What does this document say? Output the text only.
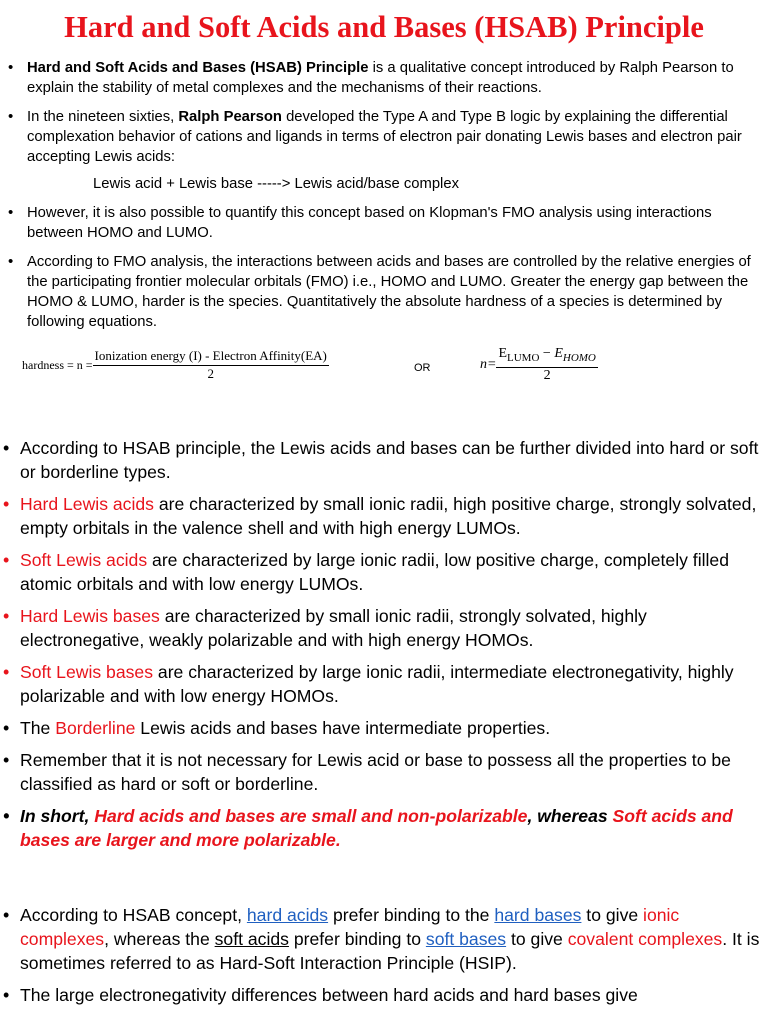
Hard and Soft Acids and Bases (HSAB) Principle
• Hard and Soft Acids and Bases (HSAB) Principle is a qualitative concept introduced by Ralph Pearson to explain the stability of metal complexes and the mechanisms of their reactions.
• In the nineteen sixties, Ralph Pearson developed the Type A and Type B logic by explaining the differential complexation behavior of cations and ligands in terms of electron pair donating Lewis bases and electron pair accepting Lewis acids:
Lewis acid + Lewis base -----> Lewis acid/base complex
• However, it is also possible to quantify this concept based on Klopman's FMO analysis using interactions between HOMO and LUMO.
• According to FMO analysis, the interactions between acids and bases are controlled by the relative energies of the participating frontier molecular orbitals (FMO) i.e., HOMO and LUMO. Greater the energy gap between the HOMO & LUMO, harder is the species. Quantitatively the absolute hardness of a species is determined by following equations.
hardness = $n = \frac{\text{Ionization energy (I) - Electron Affinity(EA)}}{2}$	OR	$n= \frac{E_{LUMO} - E_{HOMO}}{2}$
• According to HSAB principle, the Lewis acids and bases can be further divided into hard or soft or borderline types.
• Hard Lewis acids are characterized by small ionic radii, high positive charge, strongly solvated, empty orbitals in the valence shell and with high energy LUMOs.
• Soft Lewis acids are characterized by large ionic radii, low positive charge, completely filled atomic orbitals and with low energy LUMOs.
• Hard Lewis bases are characterized by small ionic radii, strongly solvated, highly electronegative, weakly polarizable and with high energy HOMOs.
• Soft Lewis bases are characterized by large ionic radii, intermediate electronegativity, highly polarizable and with low energy HOMOs.
• The Borderline Lewis acids and bases have intermediate properties.
• Remember that it is not necessary for Lewis acid or base to possess all the properties to be classified as hard or soft or borderline.
• In short, Hard acids and bases are small and non-polarizable, whereas Soft acids and bases are larger and more polarizable.
• According to HSAB concept, hard acids prefer binding to the hard bases to give ionic complexes, whereas the soft acids prefer binding to soft bases to give covalent complexes. It is sometimes referred to as Hard-Soft Interaction Principle (HSIP).
• The large electronegativity differences between hard acids and hard bases give
